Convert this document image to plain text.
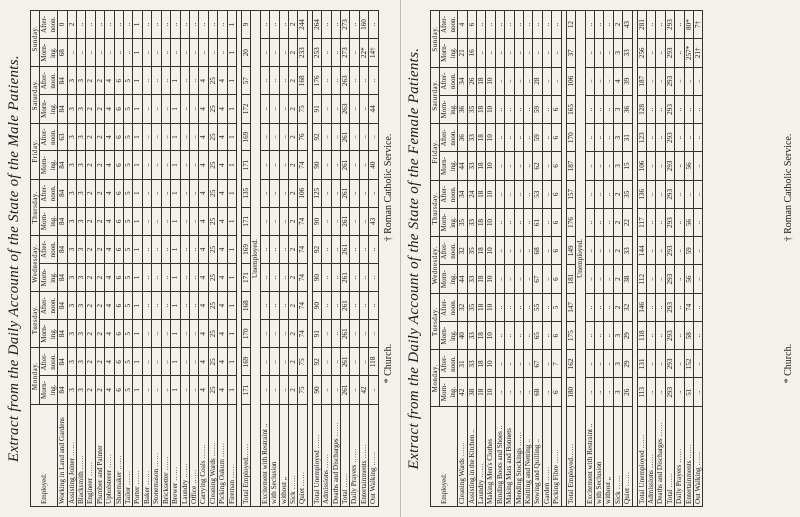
Extract from the Daily Account of the State of the Male Patients.
Employed.	Monday.		Tuesday.		Wednesday.		Thursday.		Friday.		Saturday.		Sunday.	
	Morn- ing.	After- noon.	Morn- ing.	After- noon.	Morn- ing.	After- noon.	Morn- ing.	After- noon.	Morn- ing.	After- noon.	Morn- ing.	After- noon.	Morn- ing.	After- noon.
Working in Land and Gardens	84	84	84	84	84	84	84	84	84	63	84	84	68	0
Assisting Joiner ……	3	3	3	3	3	3	3	3	3	3	3	3	..	2
Blacksmith ……	3	3	3	3	3	3	3	3	3	3	3	3	..	..
Engineer ……	2	2	2	2	2	2	2	2	2	2	2	2	..	..
Plumber and Painter	2	2	2	2	2	2	2	2	2	2	2	2	..	..
Upholsterer ……	4	4	4	4	4	4	4	4	4	4	4	4	..	..
Shoemaker ……	6	6	6	6	6	6	6	6	6	6	6	6	..	..
Tailor ……	5	5	5	5	5	5	5	5	5	5	5	5	..	..
Porter ……	1	1	1	1	1	1	1	1	1	1	1	1	1	1
Baker ……	..	..	..	..	..	..	..	..	..	..	..	..	..	..
Stonemason ……	..	..	..	..	..	..	..	..	..	..	..	..	..	..
Bricksetter ……	..	..	..	..	..	..	..	..	..	..	..	..	..	..
Brewer ……	1	1	1	1	1	1	1	1	1	1	1	1	..	..
Laundry ……	..	..	..	..	..	..	..	..	..	..	..	..	..	..
Office ……	..	..	..	..	..	..	..	..	..	..	..	..	..	..
Carrying Coals ……	4	4	4	4	4	4	4	4	4	4	4	4	..	..
Cleaning Wards ……	25	25	25	25	25	25	25	25	25	25	25	25	..	..
Picking Oakum ……	4	4	4	4	4	4	4	4	4	4	4	4	..	..
Fireman ……	1	1	1	1	1	1	1	1	1	1	1	1	1	1

Total Employed……	171	169	170	168	171	169	171	135	171	169	172	57	20	9
Unemployed.														
Excitement with Restraint ..	..	..	..	..	..	..	..	..	..	..	..	..	..	..
with Seclusion	..	..	..	..	..	..	..	..	..	..	..	..	..	..
without „	..	..	..	..	..	..	..	..	..	..	..	..	..	..
Sick ……	2	2	2	2	2	2	2	2	2	2	2	2	2	2
Quiet ……	75	75	74	74	74	74	74	106	74	76	75	168	233	244

Total Unemployed ……	90	92	91	90	90	92	90	125	90	92	91	176	253	264
Admissions ……	..	..	..	..	..	..	..	..	..	..	..	..	..	..
Deaths and Discharges ……	..	..	..	..	..	..	..	..	..	..	..	..	..	..
Total ……	261	261	261	261	261	261	261	261	261	261	263	263	273	273
Daily Prayers ……	..	..	..	..	..	..	..	..	..	..	..	..	..	..
Entertainments ……	42	..	..	..	..	..	..	..	..	..	..	..	22*	160
Out Walking ……	..	118	..	..	..	..	43	..	40	..	44	..	14†	..
* Church. † Roman Catholic Service. Extract from the Daily Account of the State of the Female Patients.
Employed.	Monday.		Tuesday.		Wednesday.		Thursday.		Friday.		Saturday.		Sunday.	
	Morn- ing.	After- noon.	Morn- ing.	After- noon.	Morn- ing.	After- noon.	Morn- ing.	After- noon.	Morn- ing.	After- noon.	Morn- ing.	After- noon.	Morn- ing.	After- noon.
Cleaning Wards ……	42	31	40	32	44	32	35	34	44	36	36	34	21	4
Assisting in the Kitchen ..	38	33	33	35	33	35	33	24	33	33	35	26	16	6
Laundry ……	18	18	18	18	18	18	18	18	18	18	18	18	..	..
Making Men's Clothes	10	10	10	10	10	10	10	10	10	10	10	10	..	..
Binding Boots and Shoes ..	..	..	..	..	..	..	..	..	..	..	..	..	..	..
Making Mats and Bonnets	..	..	..	..	..	..	..	..	..	..	..	..	..	..
Mending Stockings ……	..	..	..	..	..	..	..	..	..	..	..	..	..	..
Knitting and Netting ..	..	..	..	..	..	..	..	..	..	..	..	..	..	..
Sewing and Quilling ..	68	67	65	55	67	68	61	53	62	59	59	28	..	..
Garden ……	..	..	..	..	..	..	..	..	..	..	..	..	..	..
Picking Fibre ……	6	7	6	5	6	6	6	6	6	6	6	..	..	..

Total Employed……	180	162	175	147	181	149	176	157	187	170	165	106	37	12
Unemployed.														
Excitement with Restraint ..	..	..	..	..	..	..	..	..	..	..	..	..	..	..
with Seclusion	..	..	..	..	..	..	..	..	..	..	..	..	..	..
without „	..	..	..	..	..	..	..	..	..	..	..	..	..	..
Sick ……	3	3	3	2	2	2	2	2	3	3	3	4	3	2
Quiet ……	26	29	29	32	38	33	22	35	15	31	36	39	33	43

Total Unemployed ……	113	131	118	146	112	144	117	136	106	123	128	187	256	281
Admissions ……	..	..	..	..	..	..	..	..	..	..	..	..	..	..
Deaths and Discharges ……	..	..	..	..	..	..	..	..	..	..	..	..	..	..
Total ……	293	293	293	293	293	293	293	293	293	293	293	293	293	293
Daily Prayers ……	..	..	..	..	..	..	..	..	..	..	..	..	..	..
Entertainments ……	51	152	58	74	56	59	56	..	56	..	..	..	257*	80*
Out Walking ……	..	..	..	..	..	..	..	..	..	..	..	..	21†	7†
* Church. † Roman Catholic Service.
